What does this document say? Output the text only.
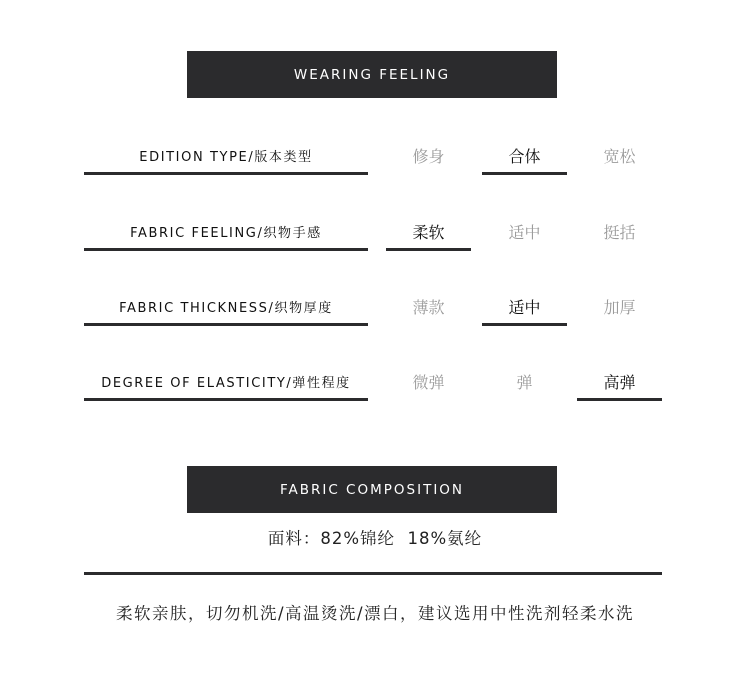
WEARING FEELING
EDITION TYPE/版本类型	修身	合体	宽松
FABRIC FEELING/织物手感	柔软	适中	挺括
FABRIC THICKNESS/织物厚度	薄款	适中	加厚
DEGREE OF ELASTICITY/弹性程度	微弹	弹	高弹
FABRIC COMPOSITION
面料：82%锦纶  18%氨纶
柔软亲肤，切勿机洗/高温烫洗/漂白，建议选用中性洗剂轻柔水洗
